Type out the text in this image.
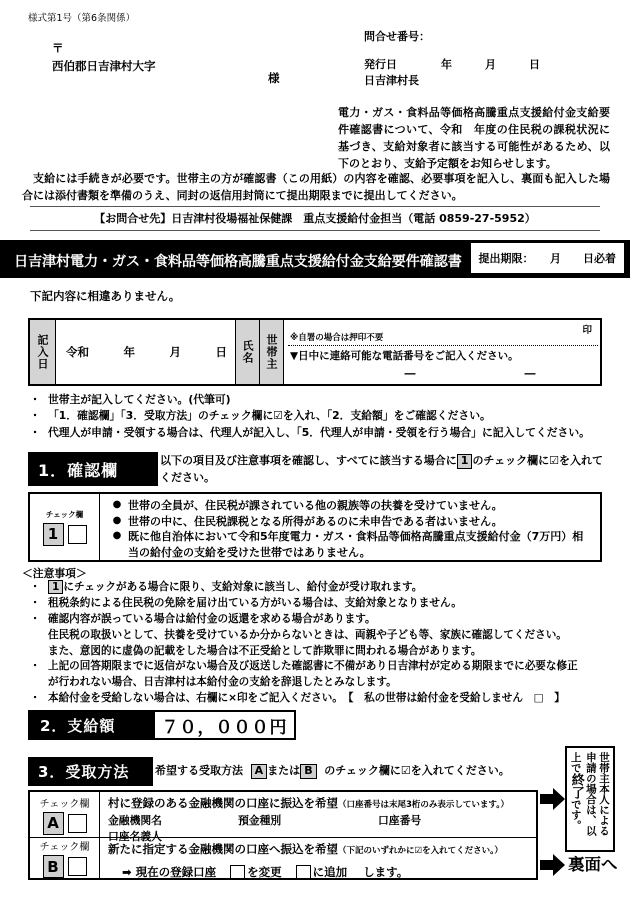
様式第1号（第6条関係）
〒
西伯郡日吉津村大字
様
問合せ番号：
発行日　　　　年　　　月　　　日
日吉津村長
電力・ガス・食料品等価格高騰重点支援給付金支給要件確認書について、令和　年度の住民税の課税状況に基づき、支給対象者に該当する可能性があるため、以下のとおり、支給予定額をお知らせします。
支給には手続きが必要です。世帯主の方が確認書（この用紙）の内容を確認、必要事項を記入し、裏面も記入した場合には添付書類を準備のうえ、同封の返信用封筒にて提出期限までに提出してください。
【お問合せ先】日吉津村役場福祉保健課　重点支援給付金担当（電話 0859-27-5952）
日吉津村電力・ガス・食料品等価格高騰重点支援給付金支給要件確認書	提出期限：　　月　　日必着
下記内容に相違ありません。
記入日	令和　　　年　　　月　　　日 氏名 世帯主
印
※自署の場合は押印不要
▼日中に連絡可能な電話番号をご記入ください。
―	―
・ 世帯主が記入してください。(代筆可)
・ 「1．確認欄」「3．受取方法」のチェック欄に☑を入れ、「2．支給額」をご確認ください。
・ 代理人が申請・受領する場合は、代理人が記入し、「5．代理人が申請・受領を行う場合」に記入してください。
1．確認欄	以下の項目及び注意事項を確認し、すべてに該当する場合に 1 のチェック欄に☑を入れてください。
チェック欄
1
● 世帯の全員が、住民税が課されている他の親族等の扶養を受けていません。
● 世帯の中に、住民税課税となる所得があるのに未申告である者はいません。
● 既に他自治体において令和5年度電力・ガス・食料品等価格高騰重点支援給付金（7万円）相
当の給付金の支給を受けた世帯ではありません。
＜注意事項＞
・	1 にチェックがある場合に限り、支給対象に該当し、給付金が受け取れます。
・ 租税条約による住民税の免除を届け出ている方がいる場合は、支給対象となりません。
・ 確認内容が誤っている場合は給付金の返還を求める場合があります。
住民税の取扱いとして、扶養を受けているか分からないときは、両親や子ども等、家族に確認してください。
また、意図的に虚偽の記載をした場合は不正受給として詐欺罪に問われる場合があります。
・ 上記の回答期限までに返信がない場合及び返送した確認書に不備があり日吉津村が定める期限までに必要な修正
が行われない場合、日吉津村は本給付金の支給を辞退したとみなします。
・ 本給付金を受給しない場合は、右欄に×印をご記入ください。　【　私の世帯は給付金を受給しません　□　】
2．支給額	７０，０００円
3．受取方法	希望する受取方法 A または B のチェック欄に☑を入れてください。
チェック欄
A
村に登録のある金融機関の口座に振込を希望（口座番号は末尾3桁のみ表示しています。）
金融機関名	預金種別	口座番号
口座名義人
チェック欄
B
新たに指定する金融機関の口座へ振込を希望（下記のいずれかに☑を入れてください。）
➡ 現在の登録口座	を変更	に追加 します。
世帯主本人による申請の場合は、以上で終了です。
裏面へ
